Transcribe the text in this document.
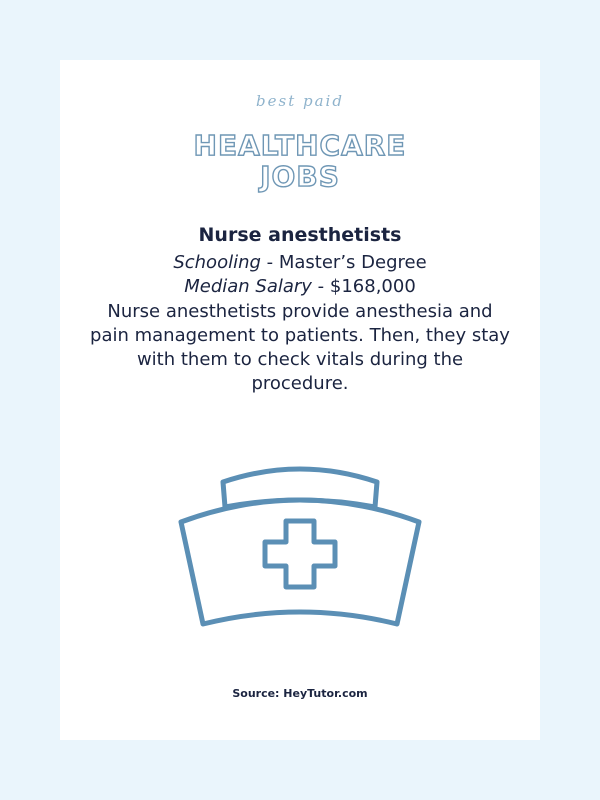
best paid
HEALTHCARE
JOBS
Nurse anesthetists
Schooling - Master’s Degree
Median Salary - $168,000
Nurse anesthetists provide anesthesia and pain management to patients. Then, they stay with them to check vitals during the procedure.
Source: HeyTutor.com
